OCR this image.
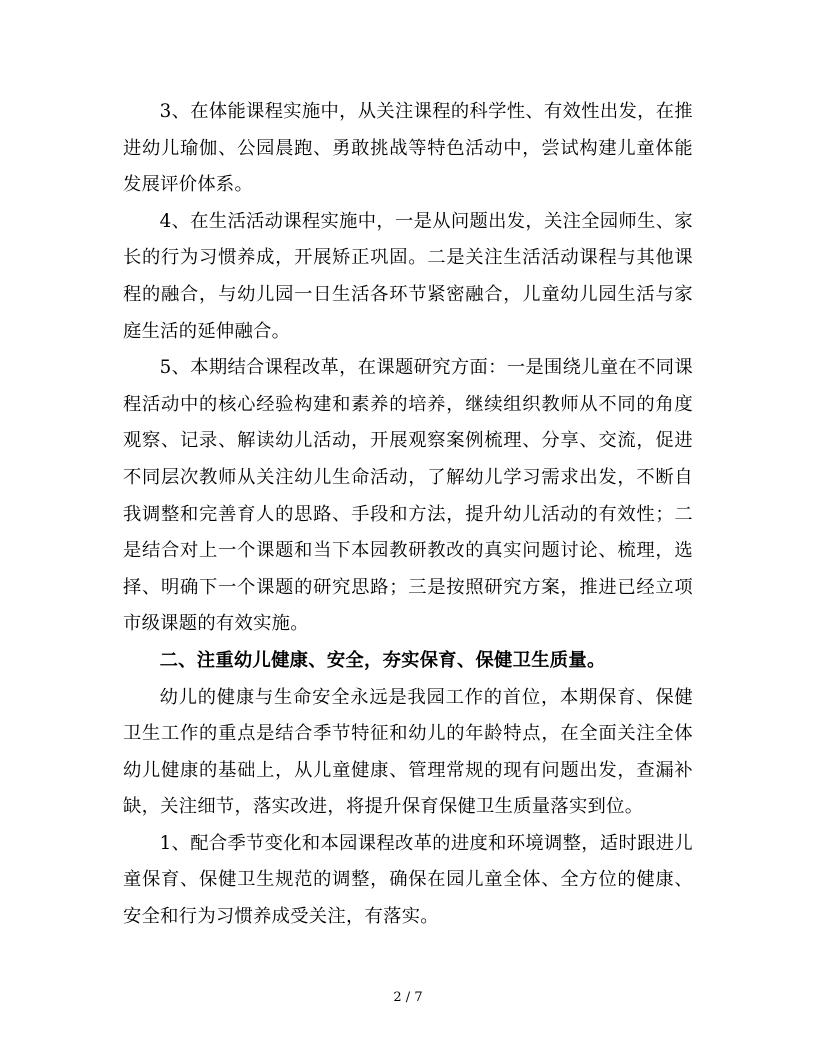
3、在体能课程实施中，从关注课程的科学性、有效性出发，在推进幼儿瑜伽、公园晨跑、勇敢挑战等特色活动中，尝试构建儿童体能发展评价体系。

4、在生活活动课程实施中，一是从问题出发，关注全园师生、家长的行为习惯养成，开展矫正巩固。二是关注生活活动课程与其他课程的融合，与幼儿园一日生活各环节紧密融合，儿童幼儿园生活与家庭生活的延伸融合。

5、本期结合课程改革，在课题研究方面：一是围绕儿童在不同课程活动中的核心经验构建和素养的培养，继续组织教师从不同的角度观察、记录、解读幼儿活动，开展观察案例梳理、分享、交流，促进不同层次教师从关注幼儿生命活动，了解幼儿学习需求出发，不断自我调整和完善育人的思路、手段和方法，提升幼儿活动的有效性；二是结合对上一个课题和当下本园教研教改的真实问题讨论、梳理，选择、明确下一个课题的研究思路；三是按照研究方案，推进已经立项市级课题的有效实施。

二、注重幼儿健康、安全，夯实保育、保健卫生质量。

幼儿的健康与生命安全永远是我园工作的首位，本期保育、保健卫生工作的重点是结合季节特征和幼儿的年龄特点，在全面关注全体幼儿健康的基础上，从儿童健康、管理常规的现有问题出发，查漏补缺，关注细节，落实改进，将提升保育保健卫生质量落实到位。

1、配合季节变化和本园课程改革的进度和环境调整，适时跟进儿童保育、保健卫生规范的调整，确保在园儿童全体、全方位的健康、安全和行为习惯养成受关注，有落实。

2 / 7
